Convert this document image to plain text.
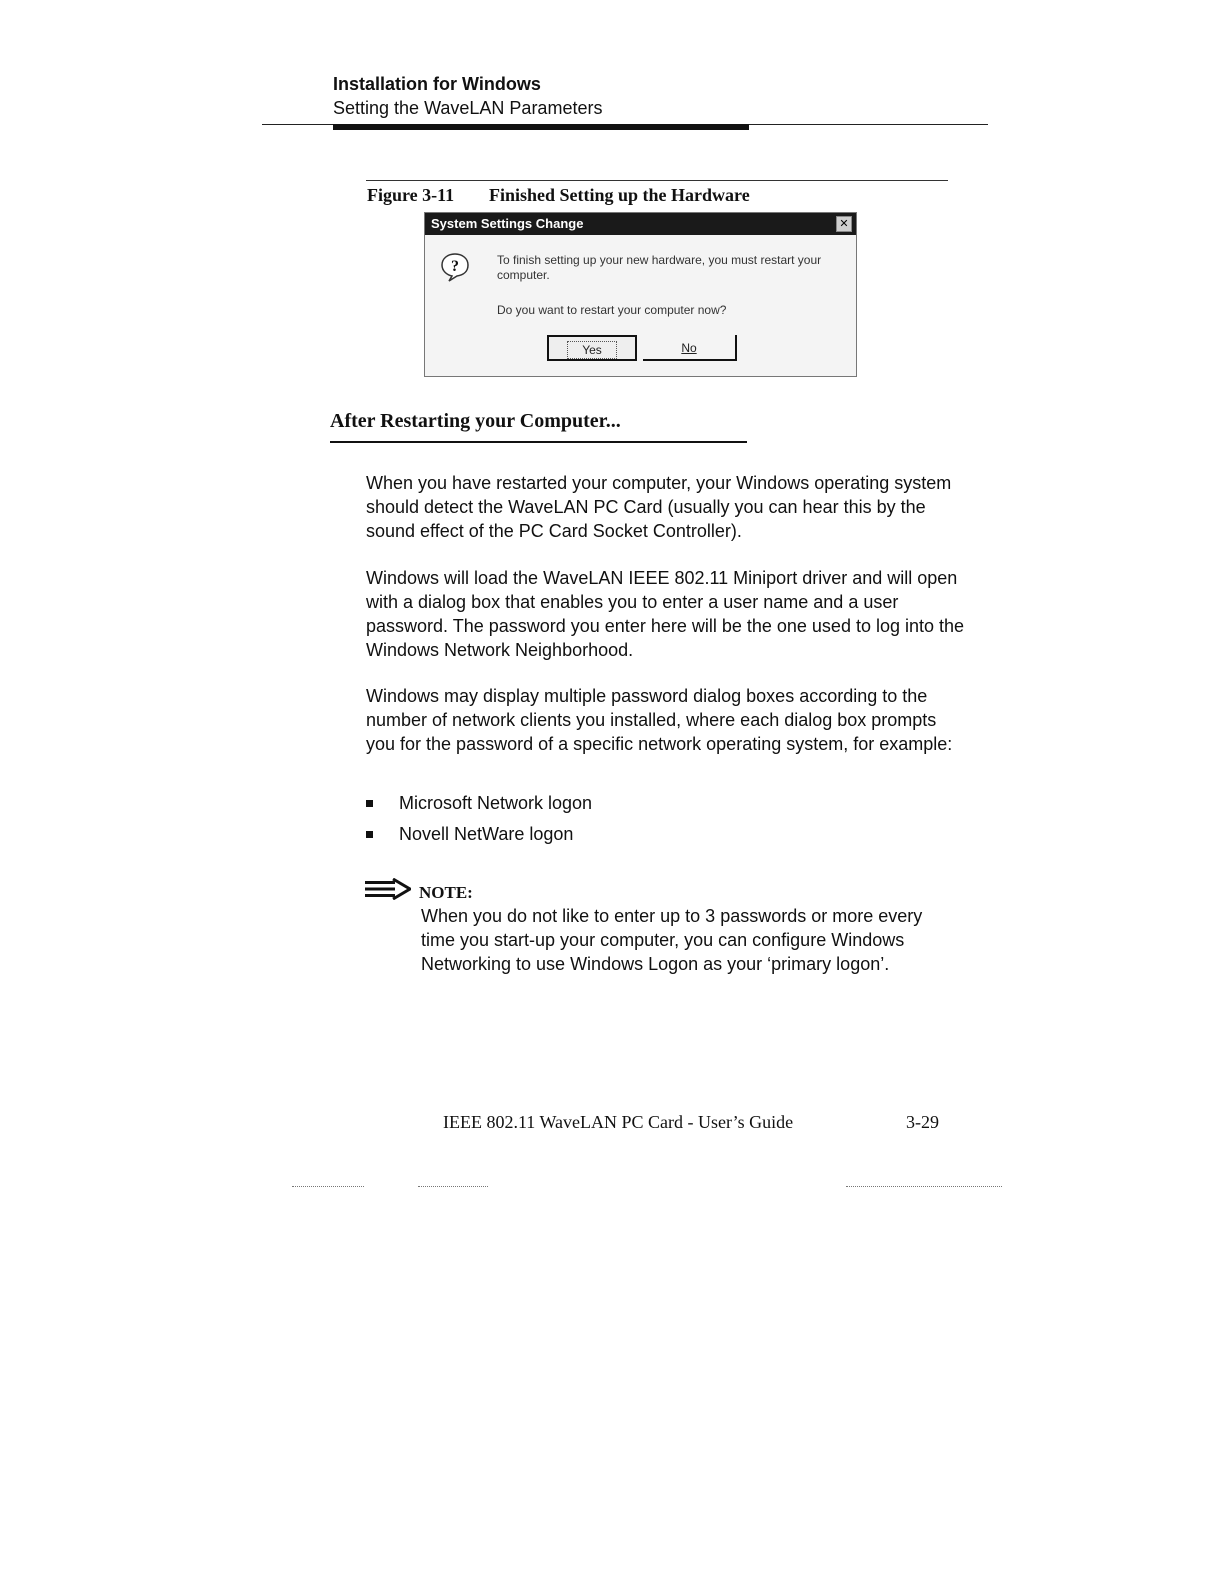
Installation for Windows
Setting the WaveLAN Parameters
Figure 3-11 Finished Setting up the Hardware
System Settings Change	✕
?	To finish setting up your new hardware, you must restart your computer.
Do you want to restart your computer now?
Yes	No
After Restarting your Computer...
When you have restarted your computer, your Windows operating system should detect the WaveLAN PC Card (usually you can hear this by the sound effect of the PC Card Socket Controller).
Windows will load the WaveLAN IEEE 802.11 Miniport driver and will open with a dialog box that enables you to enter a user name and a user password. The password you enter here will be the one used to log into the Windows Network Neighborhood.
Windows may display multiple password dialog boxes according to the number of network clients you installed, where each dialog box prompts you for the password of a specific network operating system, for example:
Microsoft Network logon
Novell NetWare logon
NOTE:
When you do not like to enter up to 3 passwords or more every time you start-up your computer, you can configure Windows Networking to use Windows Logon as your ‘primary logon’.
IEEE 802.11 WaveLAN PC Card - User’s Guide	3-29
